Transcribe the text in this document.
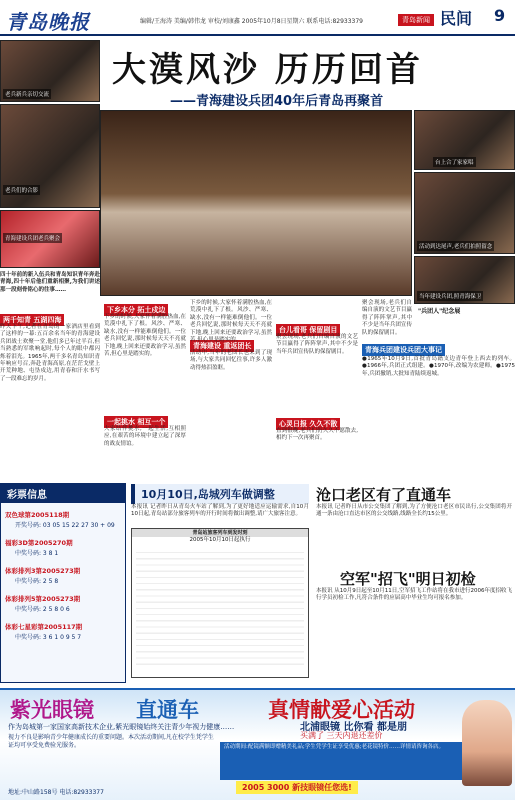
青岛晚报	编辑/王海涛 美编/韩伟龙 审校/刘康鑫 2005年10月8日星期六 联系电话:82933379	青岛新闻 民间 9
老兵新兵亲切交流
老兵们的合影
青海建设兵团老兵聚会
大漠风沙 历历回首
——青海建设兵团40年后青岛再聚首
台上合了家家唱
活动到达尾声,老兵们拍照留念
当年建设兵团,照青海保卫
"兵团人"纪念展
四十年前的新入伍兵和青岛知识青年奔赴青海,四十年后他们重新相聚,为我们讲述那一段刻骨铭心的往事……
两千知青 五湖四海
昨天下午,记者在青岛的一家酒店里看到了这样的一幕:五百余名当年的青海建设兵团战士欢聚一堂,他们多已年过半百,但当熟悉的军歌响起时,每个人的眼中都闪烁着泪光。1965年,两千多名青岛知识青年响应号召,奔赴青海高原,在茫茫戈壁上开荒种地、屯垦戍边,用青春和汗水书写了一段难忘的岁月。
下乡本分 拓土戍边
下乡的时候,大家怀着满腔热血,在荒漠中扎下了根。风沙、严寒、缺水,没有一样能难倒他们。一位老兵回忆说,那时候每天天不亮就下地,晚上回来还要政治学习,虽然苦,但心里是踏实的。
一起挑水 相互一个
大家结伴挑水,一起生活,互相照应,在艰苦的环境中建立起了深厚的战友情谊。
青海建设 重返团长
下乡的时候,大家怀着满腔热血,在荒漠中扎下了根。风沙、严寒、缺水,没有一样能难倒他们。一位老兵回忆说,那时候每天天不亮就下地,晚上回来还要政治学习,虽然苦,但心里是踏实的。
活动中,当年的老团长也来到了现场,与大家共同回忆往事,许多人激动得热泪盈眶。
台儿看哥 保留剧目
聚会现场,老兵们自编自演的文艺节目赢得了阵阵掌声,其中不少是当年兵团宣传队的保留剧目。
心灵日报 久久不散
直到很晚,老兵们仍久久不愿散去,相约下一次再聚首。
聚会现场,老兵们自编自演的文艺节目赢得了阵阵掌声,其中不少是当年兵团宣传队的保留剧目。
青海兵团建设兵团大事记
●1965年10月9日,首批青岛籍支边青年登上西去的列车。●1966年,兵团正式组建。●1970年,改编为农建师。●1975年,兵团撤销,大批知青陆续返城。
彩票信息
双色球第2005118期
开奖号码: 03 05 15 22 27 30 + 09
福彩3D第2005270期
中奖号码: 3 8 1
体彩排列3第2005273期
中奖号码: 2 5 8
体彩排列5第2005273期
中奖号码: 2 5 8 0 6
体彩七星彩第2005117期
中奖号码: 3 6 1 0 9 5 7
10月10日,岛城列车做调整
本报讯 记者昨日从青岛火车站了解到,为了更好地适应运输需求,自10月10日起,青岛站部分旅客列车的开行时间将做出调整,请广大旅客注意。
青岛站旅客列车到发时刻
2005年10月10日起执行
沧口老区有了直通车
本报讯 记者昨日从市公交集团了解到,为了方便沧口老区市民出行,公交集团将开通一条由沧口直达市区的公交线路,线路全长约15公里。
空军"招飞"明日初检
本报讯 从10月9日起至10月11日,空军招飞工作站将在我市进行2006年度招收飞行学员初检工作,凡符合条件的应届高中毕业生均可报名参加。
紫光眼镜 直通车	真情献爱心活动
作为岛城第一家国家高新技术企业,紫光眼镜始终关注青少年视力健康……	北浦眼镜 比你看 都是朋
买满了 三天内退还差价
视力不良是影响青少年健康成长的重要问题。本次活动期间,凡在校学生凭学生证均可享受免费验光服务。	活动期间:配镜满额即赠精美礼品;学生凭学生证享受优惠;老花镜特价……详情请咨询各店。
2005 3000 新技眼镜任您选!
地址:中山路158号 电话:82933377
